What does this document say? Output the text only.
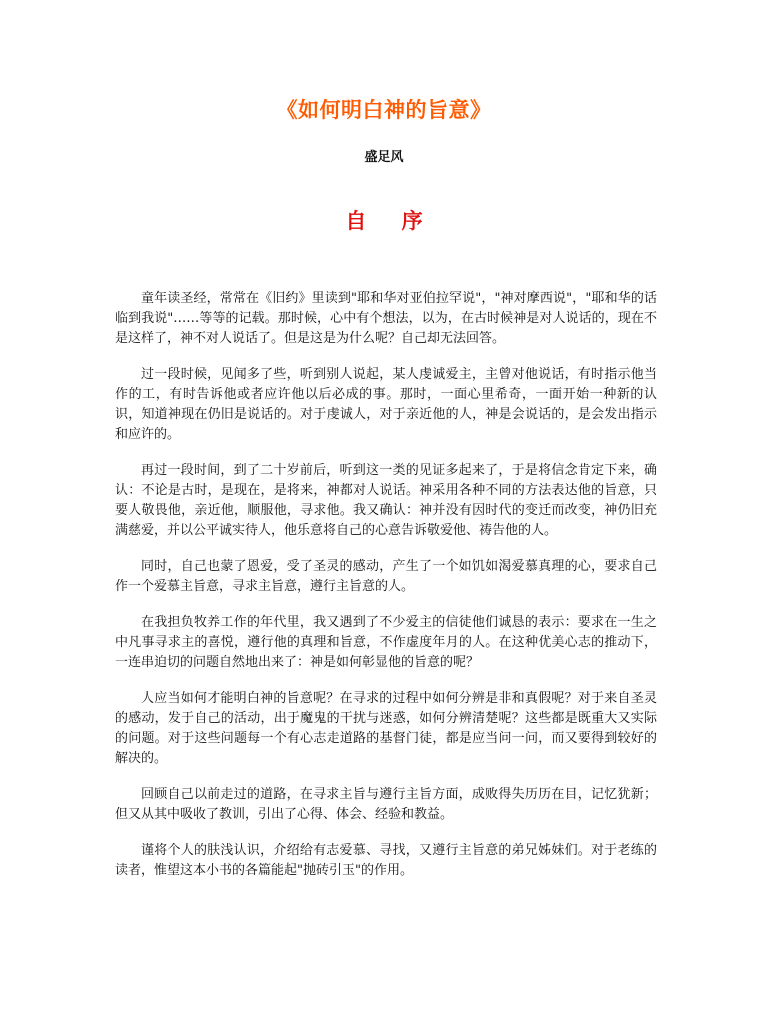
《如何明白神的旨意》
盛足风
自 序

童年读圣经，常常在《旧约》里读到"耶和华对亚伯拉罕说"，"神对摩西说"，"耶和华的话临到我说"……等等的记载。那时候，心中有个想法，以为，在古时候神是对人说话的，现在不是这样了，神不对人说话了。但是这是为什么呢？自己却无法回答。

过一段时候，见闻多了些，听到别人说起，某人虔诚爱主，主曾对他说话，有时指示他当作的工，有时告诉他或者应许他以后必成的事。那时，一面心里希奇，一面开始一种新的认识，知道神现在仍旧是说话的。对于虔诚人，对于亲近他的人，神是会说话的，是会发出指示和应许的。

再过一段时间，到了二十岁前后，听到这一类的见证多起来了，于是将信念肯定下来，确认：不论是古时，是现在，是将来，神都对人说话。神采用各种不同的方法表达他的旨意，只要人敬畏他，亲近他，顺服他，寻求他。我又确认：神并没有因时代的变迁而改变，神仍旧充满慈爱，并以公平诚实待人，他乐意将自己的心意告诉敬爱他、祷告他的人。

同时，自己也蒙了恩爱，受了圣灵的感动，产生了一个如饥如渴爱慕真理的心，要求自己作一个爱慕主旨意，寻求主旨意，遵行主旨意的人。

在我担负牧养工作的年代里，我又遇到了不少爱主的信徒他们诚恳的表示：要求在一生之中凡事寻求主的喜悦，遵行他的真理和旨意，不作虚度年月的人。在这种优美心志的推动下，一连串迫切的问题自然地出来了：神是如何彰显他的旨意的呢？

人应当如何才能明白神的旨意呢？在寻求的过程中如何分辨是非和真假呢？对于来自圣灵的感动，发于自己的活动，出于魔鬼的干扰与迷惑，如何分辨清楚呢？这些都是既重大又实际的问题。对于这些问题每一个有心志走道路的基督门徒，都是应当问一问，而又要得到较好的解决的。

回顾自己以前走过的道路，在寻求主旨与遵行主旨方面，成败得失历历在目，记忆犹新；但又从其中吸收了教训，引出了心得、体会、经验和教益。

谨将个人的肤浅认识，介绍给有志爱慕、寻找，又遵行主旨意的弟兄姊妹们。对于老练的读者，惟望这本小书的各篇能起"抛砖引玉"的作用。
